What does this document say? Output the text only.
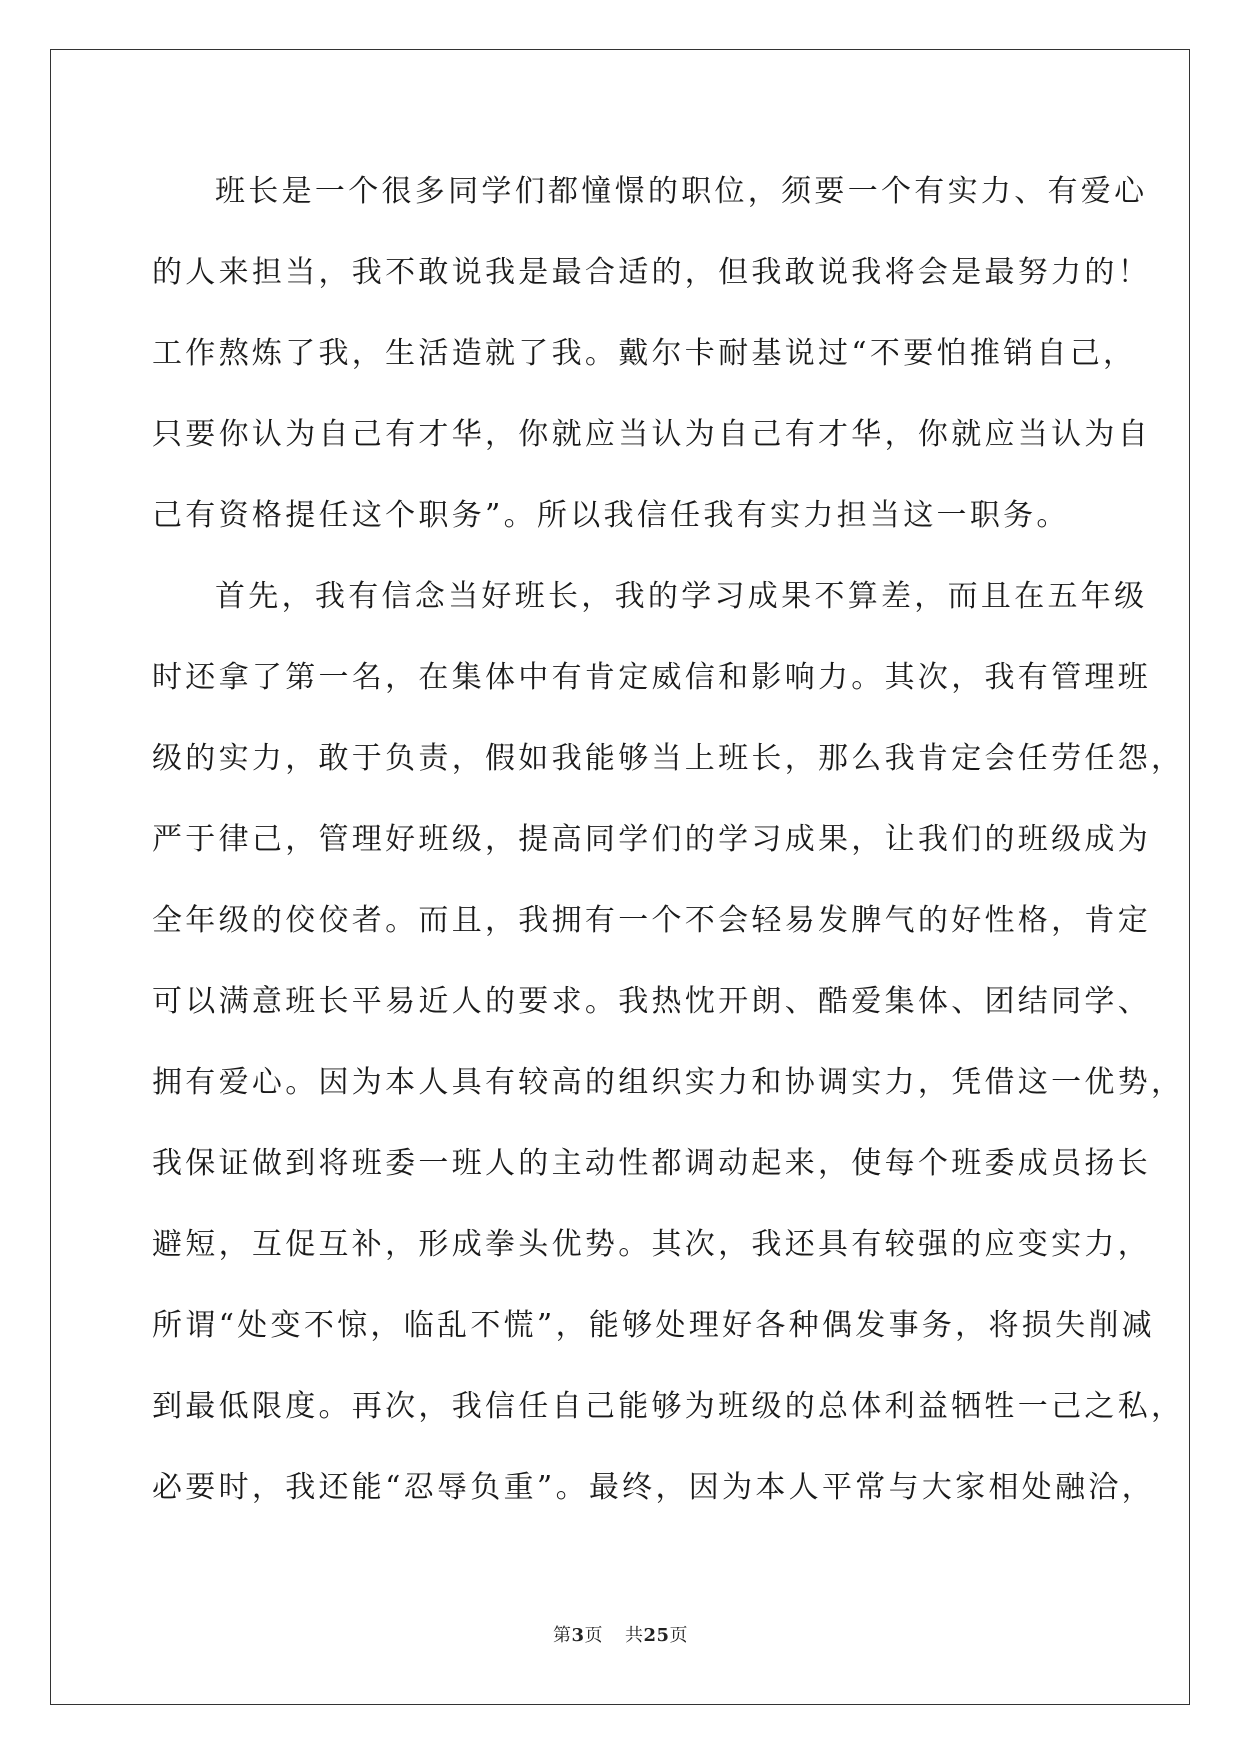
班长是一个很多同学们都憧憬的职位，须要一个有实力、有爱心
的人来担当，我不敢说我是最合适的，但我敢说我将会是最努力的！
工作熬炼了我，生活造就了我。戴尔卡耐基说过“不要怕推销自己，
只要你认为自己有才华，你就应当认为自己有才华，你就应当认为自
己有资格提任这个职务”。所以我信任我有实力担当这一职务。
首先，我有信念当好班长，我的学习成果不算差，而且在五年级
时还拿了第一名，在集体中有肯定威信和影响力。其次，我有管理班
级的实力，敢于负责，假如我能够当上班长，那么我肯定会任劳任怨，
严于律己，管理好班级，提高同学们的学习成果，让我们的班级成为
全年级的佼佼者。而且，我拥有一个不会轻易发脾气的好性格，肯定
可以满意班长平易近人的要求。我热忱开朗、酷爱集体、团结同学、
拥有爱心。因为本人具有较高的组织实力和协调实力，凭借这一优势，
我保证做到将班委一班人的主动性都调动起来，使每个班委成员扬长
避短，互促互补，形成拳头优势。其次，我还具有较强的应变实力，
所谓“处变不惊，临乱不慌”，能够处理好各种偶发事务，将损失削减
到最低限度。再次，我信任自己能够为班级的总体利益牺牲一己之私，
必要时，我还能“忍辱负重”。最终，因为本人平常与大家相处融洽，
第3页 共25页
